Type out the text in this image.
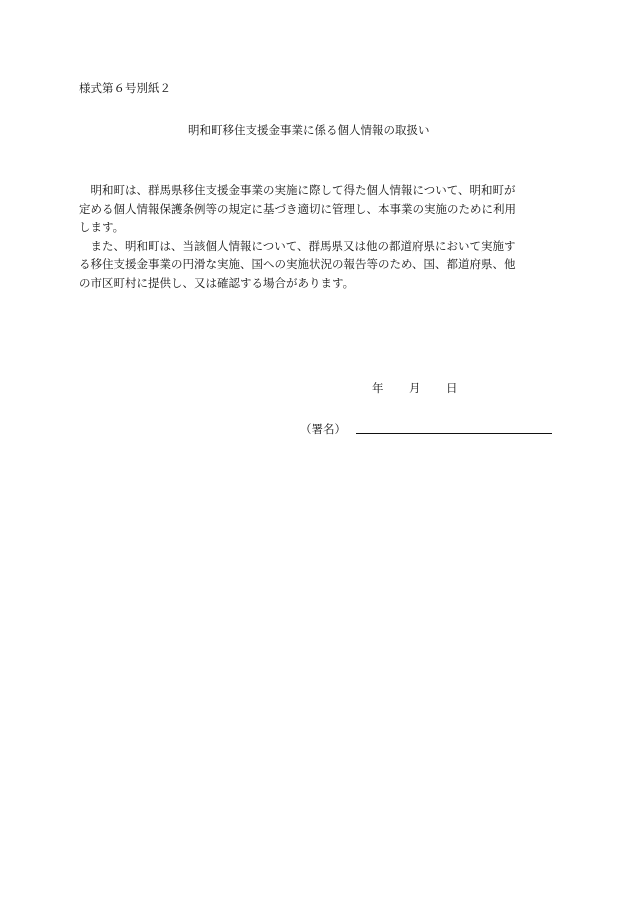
様式第６号別紙２
明和町移住支援金事業に係る個人情報の取扱い
　明和町は、群馬県移住支援金事業の実施に際して得た個人情報について、明和町が
定める個人情報保護条例等の規定に基づき適切に管理し、本事業の実施のために利用
します。
　また、明和町は、当該個人情報について、群馬県又は他の都道府県において実施す
る移住支援金事業の円滑な実施、国への実施状況の報告等のため、国、都道府県、他
の市区町村に提供し、又は確認する場合があります。
年 月 日
（署名）
